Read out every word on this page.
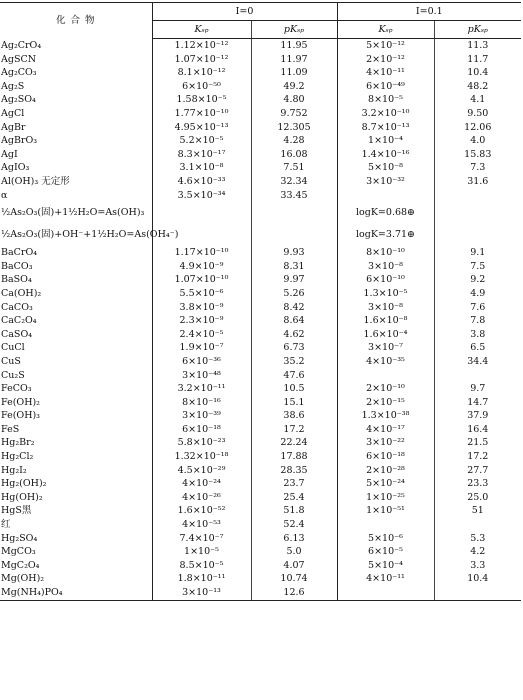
化 合 物	I=0		I=0.1	
	Kₛₚ	pKₛₚ	Kₛₚ	pKₛₚ
Ag₂CrO₄	1.12×10⁻¹²	11.95	5×10⁻¹²	11.3
AgSCN	1.07×10⁻¹²	11.97	2×10⁻¹²	11.7
Ag₂CO₃	8.1×10⁻¹²	11.09	4×10⁻¹¹	10.4
Ag₂S	6×10⁻⁵⁰	49.2	6×10⁻⁴⁹	48.2
Ag₂SO₄	1.58×10⁻⁵	4.80	8×10⁻⁵	4.1
AgCl	1.77×10⁻¹⁰	9.752	3.2×10⁻¹⁰	9.50
AgBr	4.95×10⁻¹³	12.305	8.7×10⁻¹³	12.06
AgBrO₃	5.2×10⁻⁵	4.28	1×10⁻⁴	4.0
AgI	8.3×10⁻¹⁷	16.08	1.4×10⁻¹⁶	15.83
AgIO₃	3.1×10⁻⁸	7.51	5×10⁻⁸	7.3
Al(OH)₃ 无定形	4.6×10⁻³³	32.34	3×10⁻³²	31.6
α	3.5×10⁻³⁴	33.45		
½As₂O₃(固)+1½H₂O=As(OH)₃			logK=0.68⊕	
½As₂O₃(固)+OH⁻+1½H₂O=As(OH₄⁻)			logK=3.71⊕	
BaCrO₄	1.17×10⁻¹⁰	9.93	8×10⁻¹⁰	9.1
BaCO₃	4.9×10⁻⁹	8.31	3×10⁻⁸	7.5
BaSO₄	1.07×10⁻¹⁰	9.97	6×10⁻¹⁰	9.2
Ca(OH)₂	5.5×10⁻⁶	5.26	1.3×10⁻⁵	4.9
CaCO₃	3.8×10⁻⁹	8.42	3×10⁻⁸	7.6
CaC₂O₄	2.3×10⁻⁹	8.64	1.6×10⁻⁸	7.8
CaSO₄	2.4×10⁻⁵	4.62	1.6×10⁻⁴	3.8
CuCl	1.9×10⁻⁷	6.73	3×10⁻⁷	6.5
CuS	6×10⁻³⁶	35.2	4×10⁻³⁵	34.4
Cu₂S	3×10⁻⁴⁸	47.6		
FeCO₃	3.2×10⁻¹¹	10.5	2×10⁻¹⁰	9.7
Fe(OH)₂	8×10⁻¹⁶	15.1	2×10⁻¹⁵	14.7
Fe(OH)₃	3×10⁻³⁹	38.6	1.3×10⁻³⁸	37.9
FeS	6×10⁻¹⁸	17.2	4×10⁻¹⁷	16.4
Hg₂Br₂	5.8×10⁻²³	22.24	3×10⁻²²	21.5
Hg₂Cl₂	1.32×10⁻¹⁸	17.88	6×10⁻¹⁸	17.2
Hg₂I₂	4.5×10⁻²⁹	28.35	2×10⁻²⁸	27.7
Hg₂(OH)₂	4×10⁻²⁴	23.7	5×10⁻²⁴	23.3
Hg(OH)₂	4×10⁻²⁶	25.4	1×10⁻²⁵	25.0
HgS黑	1.6×10⁻⁵²	51.8	1×10⁻⁵¹	51
红	4×10⁻⁵³	52.4		
Hg₂SO₄	7.4×10⁻⁷	6.13	5×10⁻⁶	5.3
MgCO₃	1×10⁻⁵	5.0	6×10⁻⁵	4.2
MgC₂O₄	8.5×10⁻⁵	4.07	5×10⁻⁴	3.3
Mg(OH)₂	1.8×10⁻¹¹	10.74	4×10⁻¹¹	10.4
Mg(NH₄)PO₄	3×10⁻¹³	12.6		
